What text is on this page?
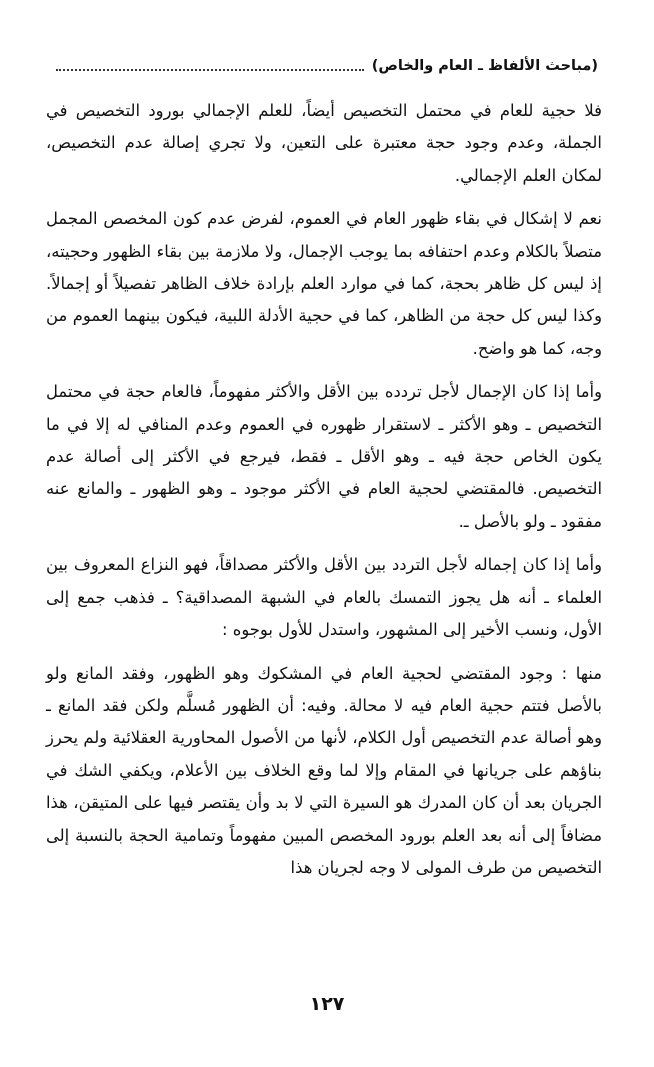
(مباحث الألفاظ ـ العام والخاص)

فلا حجية للعام في محتمل التخصيص أيضاً، للعلم الإجمالي بورود التخصيص في الجملة، وعدم وجود حجة معتبرة على التعين، ولا تجري إصالة عدم التخصيص، لمكان العلم الإجمالي.

نعم لا إشكال في بقاء ظهور العام في العموم، لفرض عدم كون المخصص المجمل متصلاً بالكلام وعدم احتفافه بما يوجب الإجمال، ولا ملازمة بين بقاء الظهور وحجيته، إذ ليس كل ظاهر بحجة، كما في موارد العلم بإرادة خلاف الظاهر تفصيلاً أو إجمالاً. وكذا ليس كل حجة من الظاهر، كما في حجية الأدلة اللبية، فيكون بينهما العموم من وجه، كما هو واضح.

وأما إذا كان الإجمال لأجل تردده بين الأقل والأكثر مفهوماً، فالعام حجة في محتمل التخصيص ـ وهو الأكثر ـ لاستقرار ظهوره في العموم وعدم المنافي له إلا في ما يكون الخاص حجة فيه ـ وهو الأقل ـ فقط، فيرجع في الأكثر إلى أصالة عدم التخصيص. فالمقتضي لحجية العام في الأكثر موجود ـ وهو الظهور ـ والمانع عنه مفقود ـ ولو بالأصل ـ.

وأما إذا كان إجماله لأجل التردد بين الأقل والأكثر مصداقاً، فهو النزاع المعروف بين العلماء ـ أنه هل يجوز التمسك بالعام في الشبهة المصداقية؟ ـ فذهب جمع إلى الأول، ونسب الأخير إلى المشهور، واستدل للأول بوجوه :

منها : وجود المقتضي لحجية العام في المشكوك وهو الظهور، وفقد المانع ولو بالأصل فتتم حجية العام فيه لا محالة. وفيه: أن الظهور مُسلَّم ولكن فقد المانع ـ وهو أصالة عدم التخصيص أول الكلام، لأنها من الأصول المحاورية العقلائية ولم يحرز بناؤهم على جريانها في المقام وإلا لما وقع الخلاف بين الأعلام، ويكفي الشك في الجريان بعد أن كان المدرك هو السيرة التي لا بد وأن يقتصر فيها على المتيقن، هذا مضافاً إلى أنه بعد العلم بورود المخصص المبين مفهوماً وتمامية الحجة بالنسبة إلى التخصيص من طرف المولى لا وجه لجريان هذا

١٢٧
